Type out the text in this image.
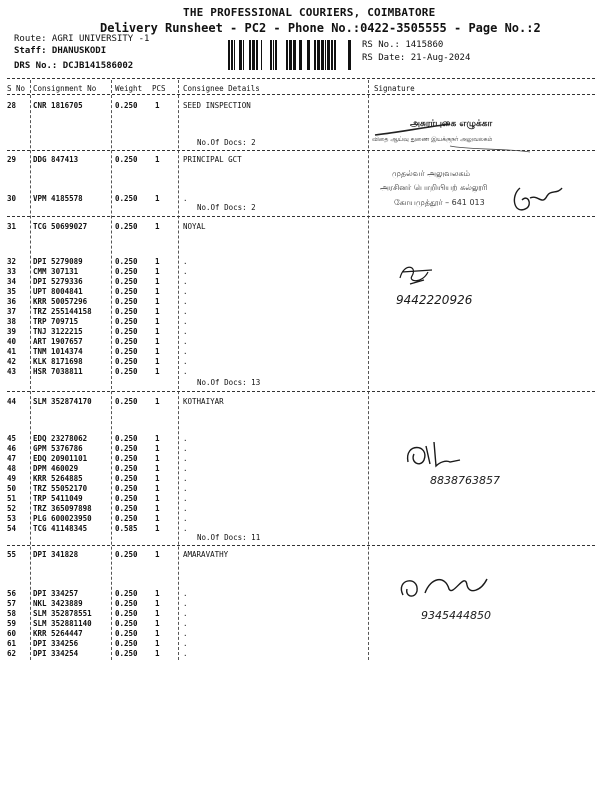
THE PROFESSIONAL COURIERS, COIMBATORE
Delivery Runsheet - PC2 - Phone No.:0422-3505555 - Page No.:2
Route: AGRI UNIVERSITY -1
Staff: DHANUSKODI
DRS No.: DCJB141586002
RS No.: 1415860
RS Date: 21-Aug-2024
S No Consignment No	Weight PCS Consignee Details	Signature
28 CNR 1816705	0.250 1	SEED INSPECTION
29 DDG 847413	0.250 1	PRINCIPAL GCT
30 VPM 4185578	0.250 1	.
31 TCG 50699027	0.250 1	NOYAL
32 DPI 5279089	0.250 1	.
33 CMM 307131	0.250 1	.
34 DPI 5279336	0.250 1	.
35 UPT 8004841	0.250 1	.
36 KRR 50057296	0.250 1	.
37 TRZ 255144158	0.250 1	.
38 TRP 709715	0.250 1	.
39 TNJ 3122215	0.250 1	.
40 ART 1907657	0.250 1	.
41 TNM 1014374	0.250 1	.
42 KLK 8171698	0.250 1	.
43 HSR 7038811	0.250 1	.
44 SLM 352874170	0.250 1	KOTHAIYAR
45 EDQ 23278062	0.250 1	.
46 GPM 5376786	0.250 1	.
47 EDQ 20901101	0.250 1	.
48 DPM 460029	0.250 1	.
49 KRR 5264885	0.250 1	.
50 TRZ 55052170	0.250 1	.
51 TRP 5411049	0.250 1	.
52 TRZ 365097898	0.250 1	.
53 PLG 600023950	0.250 1	.
54 TCG 41148345	0.585 1	.
55 DPI 341828	0.250 1	AMARAVATHY
56 DPI 334257	0.250 1	.
57 NKL 3423889	0.250 1	.
58 SLM 352878551	0.250 1	.
59 SLM 352881140	0.250 1	.
60 KRR 5264447	0.250 1	.
61 DPI 334256	0.250 1	.
62 DPI 334254	0.250 1	.
No.Of Docs: 2
No.Of Docs: 2
No.Of Docs: 13
No.Of Docs: 11
அசுரர்புகை எழுக்கா
விதை ஆய்வு துணை இயக்குநர் அலுவலகம்
முதல்வர் அலுவலகம்
அரசினர் பொறியியற் கல்லூரி
கோயமுத்தூர் – 641 013
9442220926
8838763857
9345444850
